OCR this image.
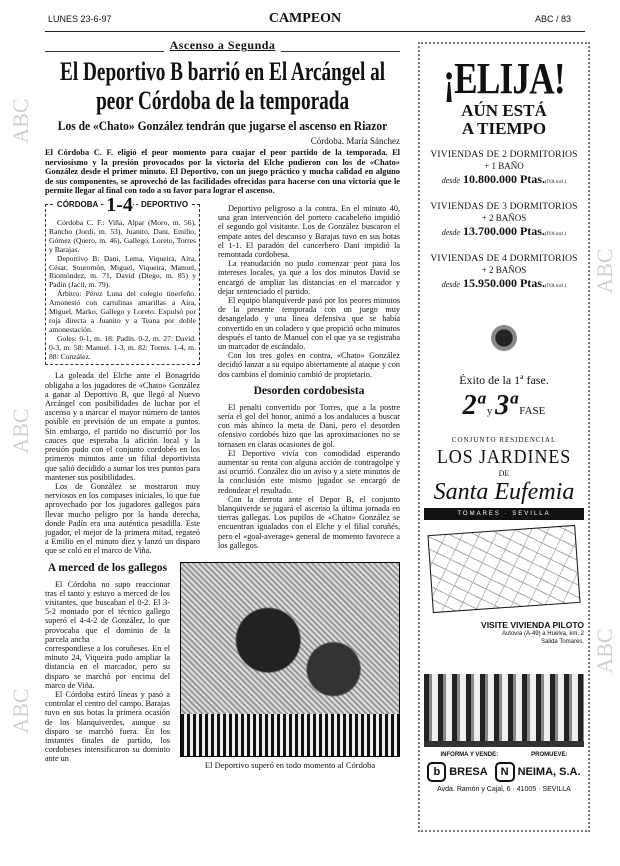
LUNES 23-6-97	CAMPEON	ABC / 83
Ascenso a Segunda
El Deportivo B barrió en El Arcángel al peor Córdoba de la temporada
Los de «Chato» González tendrán que jugarse el ascenso en Riazor
Córdoba. María Sánchez
El Córdoba C. F. eligió el peor momento para cuajar el peor partido de la temporada. El nerviosismo y la presión provocados por la victoria del Elche pudieron con los de «Chato» González desde el primer minuto. El Deportivo, con un juego práctico y mucha calidad en alguno de sus componentes, se aprovechó de las facilidades ofrecidas para hacerse con una victoria que le permite llegar al final con todo a su favor para lograr el ascenso.

Deportivo peligroso a la contra. En el minuto 40, una gran intervención del portero cacabeleño impidió el segundo gol visitante. Los de González buscaron el empate antes del descanso y Barajas tuvo en sus botas el 1-1. El paradón del cancerbero Dani impidió la remontada cordobesa.

La reanudación no pudo comenzar peor para los intereses locales, ya que a los dos minutos David se encargó de ampliar las distancias en el marcador y dejar sentenciado el partido.

El equipo blanquiverde pasó por los peores minutos de la presente temporada con un juego muy desangelado y una línea defensiva que se había convertido en un coladero y que propició ocho minutos después el tanto de Manuel con el que ya se registraba un marcador de escándalo.

Con los tres goles en contra, «Chato» González decidió lanzar a su equipo abiertamente al ataque y con dos cambios el dominio cambió de propietario.

Desorden cordobesista

El penalti convertido por Torres, que a la postre sería el gol del honor, animó a los andaluces a buscar con más ahínco la meta de Dani, pero el desorden ofensivo cordobés hizo que las aproximaciones no se tornasen en claras ocasiones de gol.

El Deportivo vivía con comodidad esperando aumentar su renta con alguna acción de contragolpe y así ocurrió. Conzález dio un aviso y a siete minutos de la conclusión este mismo jugador se encargó de redondear el resultado.

Con la derrota ante el Depor B, el conjunto blanquiverde se jugará el ascenso la última jornada en tierras gallegas. Los pupilos de «Chato» González se encuentran igualados con el Elche y el filial coruñés, pero el «goal-average» general de momento favorece a los gallegos.

El Deportivo superó en todo momento al Córdoba
CÓRDOBA 1-4	DEPORTIVO

Córdoba C. F.: Viña, Alpar (Moro, m. 56), Rancho (Jordi, m. 53), Juanito, Dani, Emilio, Gómez (Quero, m. 46), Gallego, Loreto, Torres y Barajas.

Deportivo B: Dani, Lema, Viqueira, Aira, César, Souromón, Miguel, Viqueira, Manuel, Riomóndez, m. 71, David (Diego, m. 85) y Padín (Jacil, m. 79).

Árbitro: Pérez Luna del colegio tinerfeño. Amonestó con cartulinas amarillas a Aira, Miguel, Marko, Gallego y Loreto. Expulsó por roja directa a Juanito y a Teana por doble amonestación.

Goles: 0-1, m. 18: Padín. 0-2, m. 27: David. 0-3, m. 58: Manuel. 1-3, m. 82: Torres. 1-4, m. 88: Conzález.

La goleada del Elche ante el Bonagrido obligaba a los jugadores de «Chato» González a ganar al Deportivo B, que llegó al Nuevo Arcángel con posibilidades de luchar por el ascenso y a marcar el mayor número de tantos posible en previsión de un empate a puntos. Sin embargo, el partido no discurrió por los cauces que esperaba la afición local y la presión pudo con el conjunto cordobés en los primeros minutos ante un filial deportivista que salió decidido a sumar los tres puntos para mantener sus posibilidades.

Los de González se mostraron muy nerviosos en los compases iniciales, lo que fue aprovechado por los jugadores gallegos para llevar mucho peligro por la banda derecha, donde Padín era una auténtica pesadilla. Este jugador, el mejor de la primera mitad, regateó a Emilio en el minuto diez y lanzó un disparo que se coló en el marco de Viña.

A merced de los gallegos

El Córdoba no supo reaccionar tras el tanto y estuvo a merced de los visitantes, que buscaban el 0-2. El 3-5-2 montado por el técnico gallego superó el 4-4-2 de González, lo que provocaba que el dominio de la parcela ancha

correspondiese a los coruñeses. En el minuto 24, Viqueira pudo ampliar la distancia en el marcador, pero su disparo se marchó por encima del marco de Viña.

El Córdoba estiró líneas y pasó a controlar el centro del campo. Barajas tuvo en sus botas la primera ocasión de los blanquiverdes, aunque su disparo se marchó fuera. En los instantes finales de partido, los cordobeses intensificaron su dominio ante un

¡ELIJA!
AÚN ESTÁ
A TIEMPO
VIVIENDAS DE 2 DORMITORIOS
+ 1 BAÑO
desde 10.800.000 Ptas.(IVA incl.)
VIVIENDAS DE 3 DORMITORIOS
+ 2 BAÑOS
desde 13.700.000 Ptas.(IVA incl.)
VIVIENDAS DE 4 DORMITORIOS
+ 2 BAÑOS
desde 15.950.000 Ptas.(IVA incl.)
Éxito de la 1ª fase.
2ª y 3ª FASE
CONJUNTO RESIDENCIAL
LOS JARDINES
DE
Santa Eufemia
TOMARES · SEVILLA
VISITE VIVIENDA PILOTO
Autovía (A-49) a Huelva, km. 2
Salida Tomares.
INFORMA Y VENDE:	PROMUEVE:
b BRESA	N NEIMA, S.A.
Avda. Ramón y Cajal, 6 · 41005 · SEVILLA
ABC
ABC
ABC
ABC
ABC
